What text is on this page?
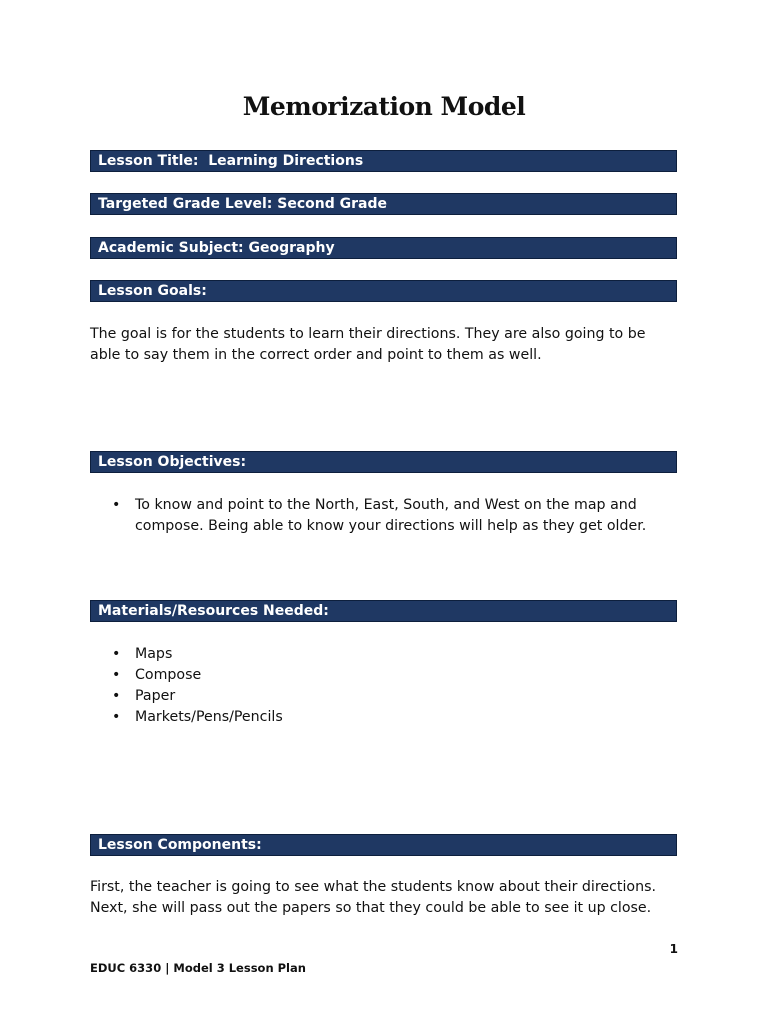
Memorization Model
Lesson Title:  Learning Directions
Targeted Grade Level: Second Grade
Academic Subject: Geography
Lesson Goals:

The goal is for the students to learn their directions. They are also going to be able to say them in the correct order and point to them as well.

Lesson Objectives:
• To know and point to the North, East, South, and West on the map and compose. Being able to know your directions will help as they get older.
Materials/Resources Needed:
• Maps
• Compose
• Paper
• Markets/Pens/Pencils
Lesson Components:

First, the teacher is going to see what the students know about their directions. Next, she will pass out the papers so that they could be able to see it up close.

1
EDUC 6330 | Model 3 Lesson Plan
